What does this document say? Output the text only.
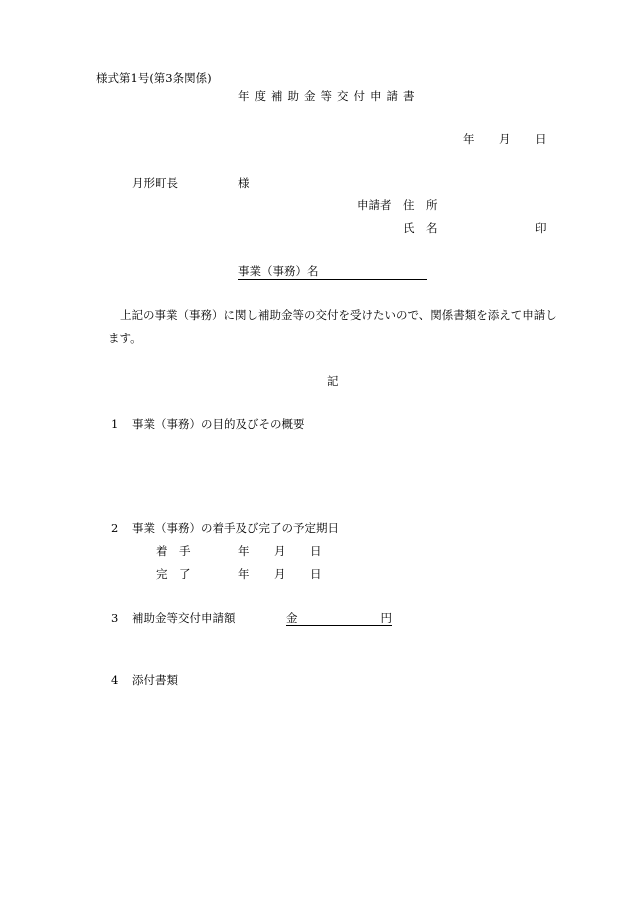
様式第1号(第3条関係)
年度補助金等交付申請書
年 月 日
月形町長	様
申請者 住　所
氏　名	印
事業（事務）名
上記の事業（事務）に関し補助金等の交付を受けたいので、関係書類を添えて申請し
ます。
記
1 事業（事務）の目的及びその概要
2 事業（事務）の着手及び完了の予定期日
着　手	年 月 日
完　了	年 月 日
3 補助金等交付申請額	金	円
4 添付書類
